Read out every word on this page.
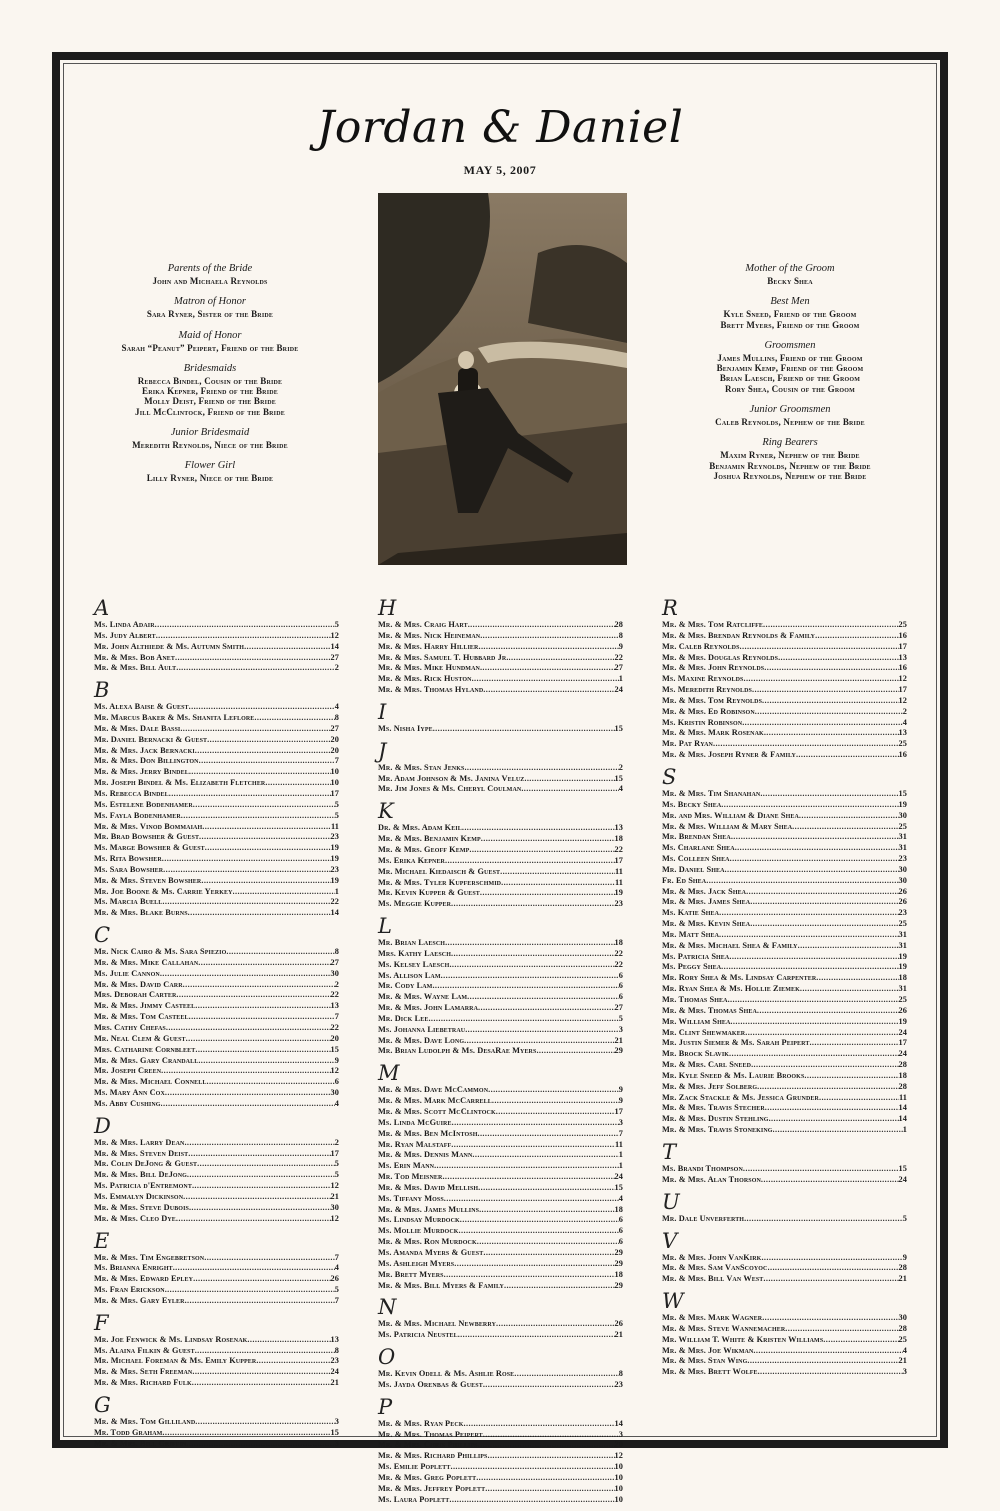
Jordan & Daniel
MAY 5, 2007
Parents of the Bride
John and Michaela Reynolds
Matron of Honor
Sara Ryner, Sister of the Bride
Maid of Honor
Sarah “Peanut” Peipert, Friend of the Bride
Bridesmaids
Rebecca Bindel, Cousin of the Bride
Erika Kepner, Friend of the Bride
Molly Deist, Friend of the Bride
Jill McClintock, Friend of the Bride
Junior Bridesmaid
Meredith Reynolds, Niece of the Bride
Flower Girl
Lilly Ryner, Niece of the Bride
Mother of the Groom
Becky Shea
Best Men
Kyle Sneed, Friend of the Groom
Brett Myers, Friend of the Groom
Groomsmen
James Mullins, Friend of the Groom
Benjamin Kemp, Friend of the Groom
Brian Laesch, Friend of the Groom
Rory Shea, Cousin of the Groom
Junior Groomsmen
Caleb Reynolds, Nephew of the Bride
Ring Bearers
Maxim Ryner, Nephew of the Bride
Benjamin Reynolds, Nephew of the Bride
Joshua Reynolds, Nephew of the Bride
A
Ms. Linda Adair .....	5
Ms. Judy Albert .....	12
Mr. John Althiede & Ms. Autumn Smith .....	14
Mr. & Mrs. Bob Anet .....	27
Mr. & Mrs. Bill Ault .....	2
B
Ms. Alexa Baise & Guest .....	4
Mr. Marcus Baker & Ms. Shanita Leflore .....	8
Mr. & Mrs. Dale Bassi .....	27
Mr. Daniel Bernacki & Guest .....	20
Mr. & Mrs. Jack Bernacki .....	20
Mr. & Mrs. Don Billington .....	7
Mr. & Mrs. Jerry Bindel .....	10
Mr. Joseph Bindel & Ms. Elizabeth Fletcher .....	10
Ms. Rebecca Bindel .....	17
Ms. Estelene Bodenhamer .....	5
Ms. Fayla Bodenhamer .....	5
Mr. & Mrs. Vinod Bommaiah .....	11
Mr. Brad Bowsher & Guest .....	23
Ms. Marge Bowsher & Guest .....	19
Ms. Rita Bowsher .....	19
Ms. Sara Bowsher .....	23
Mr. & Mrs. Steven Bowsher .....	19
Mr. Joe Boone & Ms. Carrie Yerkey .....	1
Ms. Marcia Buell .....	22
Mr. & Mrs. Blake Burns .....	14
C
Mr. Nick Cairo & Ms. Sara Spiezio .....	8
Mr. & Mrs. Mike Callahan .....	27
Ms. Julie Cannon .....	30
Mr. & Mrs. David Carr .....	2
Mrs. Deborah Carter .....	22
Mr. & Mrs. Jimmy Casteel .....	13
Mr. & Mrs. Tom Casteel .....	7
Mrs. Cathy Chefas .....	22
Mr. Neal Clem & Guest .....	20
Mrs. Catharine Cornbleet .....	15
Mr. & Mrs. Gary Crandall .....	9
Mr. Joseph Creen .....	12
Mr. & Mrs. Michael Connell .....	6
Ms. Mary Ann Cox .....	30
Ms. Abby Cushing .....	4
D
Mr. & Mrs. Larry Dean .....	2
Mr. & Mrs. Steven Deist .....	17
Mr. Colin DeJong & Guest .....	5
Mr. & Mrs. Bill DeJong .....	5
Ms. Patricia d'Entremont .....	12
Ms. Emmalyn Dickinson .....	21
Mr. & Mrs. Steve Dubois .....	30
Mr. & Mrs. Cleo Dye .....	12
E
Mr. & Mrs. Tim Engebretson .....	7
Ms. Brianna Enright .....	4
Mr. & Mrs. Edward Epley .....	26
Ms. Fran Erickson .....	5
Mr. & Mrs. Gary Eyler .....	7
F
Mr. Joe Fenwick & Ms. Lindsay Rosenak .....	13
Ms. Alaina Filkin & Guest .....	8
Mr. Michael Foreman & Ms. Emily Kupper .....	23
Mr. & Mrs. Seth Freeman .....	24
Mr. & Mrs. Richard Fulk .....	21
G
Mr. & Mrs. Tom Gilliland .....	3
Mr. Todd Graham .....	15
Mr. & Mrs. Bill Griffin .....	3
H
Mr. & Mrs. Craig Hart .....	28
Mr. & Mrs. Nick Heineman .....	8
Mr. & Mrs. Harry Hillier .....	9
Mr. & Mrs. Samuel T. Hubbard Jr. .....	22
Mr. & Mrs. Mike Hundman .....	27
Mr. & Mrs. Rick Huston .....	1
Mr. & Mrs. Thomas Hyland .....	24
I
Ms. Nisha Iype .....	15
J
Mr. & Mrs. Stan Jenks .....	2
Mr. Adam Johnson & Ms. Janina Veluz .....	15
Mr. Jim Jones & Ms. Cheryl Coulman .....	4
K
Dr. & Mrs. Adam Keil .....	13
Mr. & Mrs. Benjamin Kemp .....	18
Mr. & Mrs. Geoff Kemp .....	22
Ms. Erika Kepner .....	17
Mr. Michael Kiedaisch & Guest .....	11
Mr. & Mrs. Tyler Kupferschmid .....	11
Mr. Kevin Kupper & Guest .....	19
Ms. Meggie Kupper .....	23
L
Mr. Brian Laesch .....	18
Mrs. Kathy Laesch .....	22
Ms. Kelsey Laesch .....	22
Ms. Allison Lam .....	6
Mr. Cody Lam .....	6
Mr. & Mrs. Wayne Lam .....	6
Mr. & Mrs. John Lamarra .....	27
Mr. Dick Lee .....	5
Ms. Johanna Liebetrau .....	3
Mr. & Mrs. Dave Long .....	21
Mr. Brian Ludolph & Ms. DesaRae Myers .....	29
M
Mr. & Mrs. Dave McCammon .....	9
Mr. & Mrs. Mark McCarrell .....	9
Mr. & Mrs. Scott McClintock .....	17
Ms. Linda McGuire .....	3
Mr. & Mrs. Ben McIntosh .....	7
Mr. Ryan Malstaff .....	11
Mr. & Mrs. Dennis Mann .....	1
Ms. Erin Mann .....	1
Mr. Tod Meisner .....	24
Mr. & Mrs. David Mellish .....	15
Ms. Tiffany Moss .....	4
Mr. & Mrs. James Mullins .....	18
Ms. Lindsay Murdock .....	6
Ms. Mollie Murdock .....	6
Mr. & Mrs. Ron Murdock .....	6
Ms. Amanda Myers & Guest .....	29
Ms. Ashleigh Myers .....	29
Mr. Brett Myers .....	18
Mr. & Mrs. Bill Myers & Family .....	29
N
Mr. & Mrs. Michael Newberry .....	26
Ms. Patricia Neustel .....	21
O
Mr. Kevin Odell & Ms. Ashlie Rose .....	8
Ms. Jayda Orenbas & Guest .....	23
P
Mr. & Mrs. Ryan Peck .....	14
Mr. & Mrs. Thomas Peipert .....	3
Mr. & Mrs. Chris Phillips .....	20
Mr. & Mrs. Richard Phillips .....	12
Ms. Emilie Poplett .....	10
Mr. & Mrs. Greg Poplett .....	10
Mr. & Mrs. Jeffrey Poplett .....	10
Ms. Laura Poplett .....	10
R
Mr. & Mrs. Tom Ratcliffe .....	25
Mr. & Mrs. Brendan Reynolds & Family .....	16
Mr. Caleb Reynolds .....	17
Mr. & Mrs. Douglas Reynolds .....	13
Mr. & Mrs. John Reynolds .....	16
Ms. Maxine Reynolds .....	12
Ms. Meredith Reynolds .....	17
Mr. & Mrs. Tom Reynolds .....	12
Mr. & Mrs. Ed Robinson .....	2
Ms. Kristin Robinson .....	4
Mr. & Mrs. Mark Rosenak .....	13
Mr. Pat Ryan .....	25
Mr. & Mrs. Joseph Ryner & Family .....	16
S
Mr. & Mrs. Tim Shanahan .....	15
Ms. Becky Shea .....	19
Mr. and Mrs. William & Diane Shea .....	30
Mr. & Mrs. William & Mary Shea .....	25
Mr. Brendan Shea .....	31
Ms. Charlane Shea .....	31
Ms. Colleen Shea .....	23
Mr. Daniel Shea .....	30
Fr. Ed Shea .....	30
Mr. & Mrs. Jack Shea .....	26
Mr. & Mrs. James Shea .....	26
Ms. Katie Shea .....	23
Mr. & Mrs. Kevin Shea .....	25
Mr. Matt Shea .....	31
Mr. & Mrs. Michael Shea & Family .....	31
Ms. Patricia Shea .....	19
Ms. Peggy Shea .....	19
Mr. Rory Shea & Ms. Lindsay Carpenter .....	18
Mr. Ryan Shea & Ms. Hollie Ziemek .....	31
Mr. Thomas Shea .....	25
Mr. & Mrs. Thomas Shea .....	26
Mr. William Shea .....	19
Mr. Clint Shewmaker .....	24
Mr. Justin Siemer & Ms. Sarah Peipert .....	17
Mr. Brock Slavik .....	24
Mr. & Mrs. Carl Sneed .....	28
Mr. Kyle Sneed & Ms. Laurie Brooks .....	18
Mr. & Mrs. Jeff Solberg .....	28
Mr. Zack Stackle & Ms. Jessica Grunder .....	11
Mr. & Mrs. Travis Stecher .....	14
Mr. & Mrs. Dustin Stehling .....	14
Mr. & Mrs. Travis Stoneking .....	1
T
Ms. Brandi Thompson .....	15
Mr. & Mrs. Alan Thorson .....	24
U
Mr. Dale Unverferth .....	5
V
Mr. & Mrs. John VanKirk .....	9
Mr. & Mrs. Sam VanScoyoc .....	28
Mr. & Mrs. Bill Van West .....	21
W
Mr. & Mrs. Mark Wagner .....	30
Mr. & Mrs. Steve Wannemacher .....	28
Mr. William T. White & Kristen Williams .....	25
Mr. & Mrs. Joe Wikman .....	4
Mr. & Mrs. Stan Wing .....	21
Mr. & Mrs. Brett Wolfe .....	3
